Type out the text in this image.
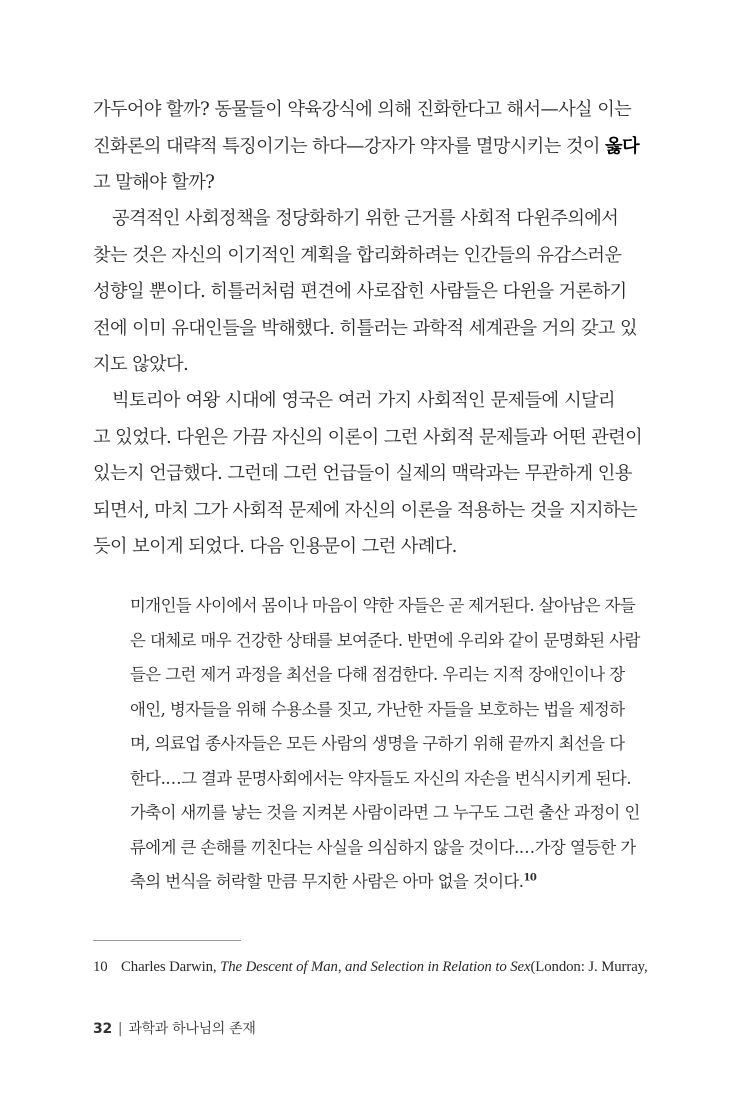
가두어야 할까? 동물들이 약육강식에 의해 진화한다고 해서—사실 이는
진화론의 대략적 특징이기는 하다—강자가 약자를 멸망시키는 것이 옳다
고 말해야 할까?
공격적인 사회정책을 정당화하기 위한 근거를 사회적 다윈주의에서
찾는 것은 자신의 이기적인 계획을 합리화하려는 인간들의 유감스러운
성향일 뿐이다. 히틀러처럼 편견에 사로잡힌 사람들은 다윈을 거론하기
전에 이미 유대인들을 박해했다. 히틀러는 과학적 세계관을 거의 갖고 있
지도 않았다.
빅토리아 여왕 시대에 영국은 여러 가지 사회적인 문제들에 시달리
고 있었다. 다윈은 가끔 자신의 이론이 그런 사회적 문제들과 어떤 관련이
있는지 언급했다. 그런데 그런 언급들이 실제의 맥락과는 무관하게 인용
되면서, 마치 그가 사회적 문제에 자신의 이론을 적용하는 것을 지지하는
듯이 보이게 되었다. 다음 인용문이 그런 사례다.
미개인들 사이에서 몸이나 마음이 약한 자들은 곧 제거된다. 살아남은 자들
은 대체로 매우 건강한 상태를 보여준다. 반면에 우리와 같이 문명화된 사람
들은 그런 제거 과정을 최선을 다해 점검한다. 우리는 지적 장애인이나 장
애인, 병자들을 위해 수용소를 짓고, 가난한 자들을 보호하는 법을 제정하
며, 의료업 종사자들은 모든 사람의 생명을 구하기 위해 끝까지 최선을 다
한다.…그 결과 문명사회에서는 약자들도 자신의 자손을 번식시키게 된다.
가축이 새끼를 낳는 것을 지켜본 사람이라면 그 누구도 그런 출산 과정이 인
류에게 큰 손해를 끼친다는 사실을 의심하지 않을 것이다.…가장 열등한 가
축의 번식을 허락할 만큼 무지한 사람은 아마 없을 것이다.$^{10}$
10 Charles Darwin, The Descent of Man, and Selection in Relation to Sex(London: J. Murray,
32 | 과학과 하나님의 존재
